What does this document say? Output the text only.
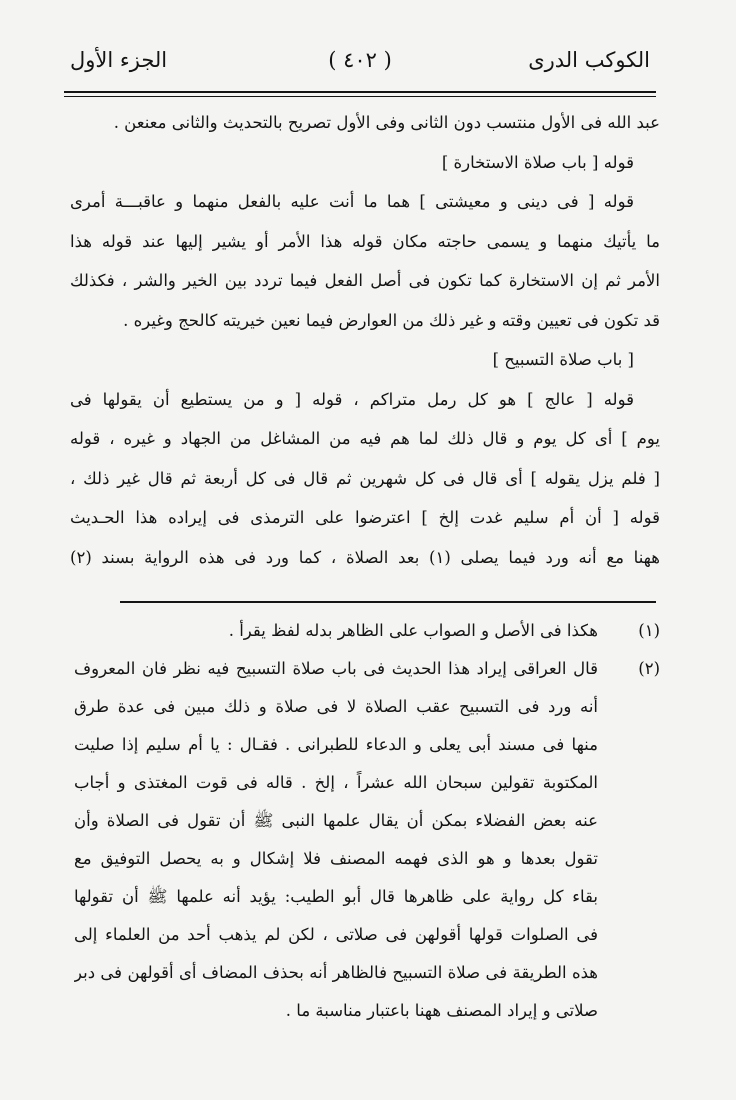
الكوكب الدرى
( ٤٠٢ )
الجزء الأول
عبد الله فى الأول منتسب دون الثانى وفى الأول تصريح بالتحديث والثانى معنعن .
قوله [ باب صلاة الاستخارة ]
قوله [ فى دينى و معيشتى ] هما ما أنت عليه بالفعل منهما و عاقبـــة أمرى
ما يأتيك منهما و يسمى حاجته مكان قوله هذا الأمر أو يشير إليها عند قوله هذا
الأمر ثم إن الاستخارة كما تكون فى أصل الفعل فيما تردد بين الخير والشر ، فكذلك
قد تكون فى تعيين وقته و غير ذلك من العوارض فيما نعين خيريته كالحج وغيره .
[ باب صلاة التسبيح ]
قوله [ عالج ] هو كل رمل متراكم ، قوله [ و من يستطيع أن يقولها فى
يوم ] أى كل يوم و قال ذلك لما هم فيه من المشاغل من الجهاد و غيره ، قوله
[ فلم يزل يقوله ] أى قال فى كل شهرين ثم قال فى كل أربعة ثم قال غير ذلك ،
قوله [ أن أم سليم غدت إلخ ] اعترضوا على الترمذى فى إيراده هذا الحـديث
ههنا مع أنه ورد فيما يصلى (١) بعد الصلاة ، كما ورد فى هذه الرواية بسند (٢)
(١)
هكذا فى الأصل و الصواب على الظاهر بدله لفظ يقرأ .
(٢)
قال العراقى إيراد هذا الحديث فى باب صلاة التسبيح فيه نظر فان المعروف
أنه ورد فى التسبيح عقب الصلاة لا فى صلاة و ذلك مبين فى عدة طرق
منها فى مسند أبى يعلى و الدعاء للطبرانى . فقـال : يا أم سليم إذا صليت
المكتوبة تقولين سبحان الله عشراً ، إلخ . قاله فى قوت المغتذى و أجاب
عنه بعض الفضلاء بمكن أن يقال علمها النبى ﷺ أن تقول فى الصلاة وأن
تقول بعدها و هو الذى فهمه المصنف فلا إشكال و به يحصل التوفيق مع
بقاء كل رواية على ظاهرها قال أبو الطيب: يؤيد أنه علمها ﷺ أن تقولها
فى الصلوات قولها أقولهن فى صلاتى ، لكن لم يذهب أحد من العلماء إلى
هذه الطريقة فى صلاة التسبيح فالظاهر أنه بحذف المضاف أى أقولهن فى دبر
صلاتى و إيراد المصنف ههنا باعتبار مناسبة ما .
